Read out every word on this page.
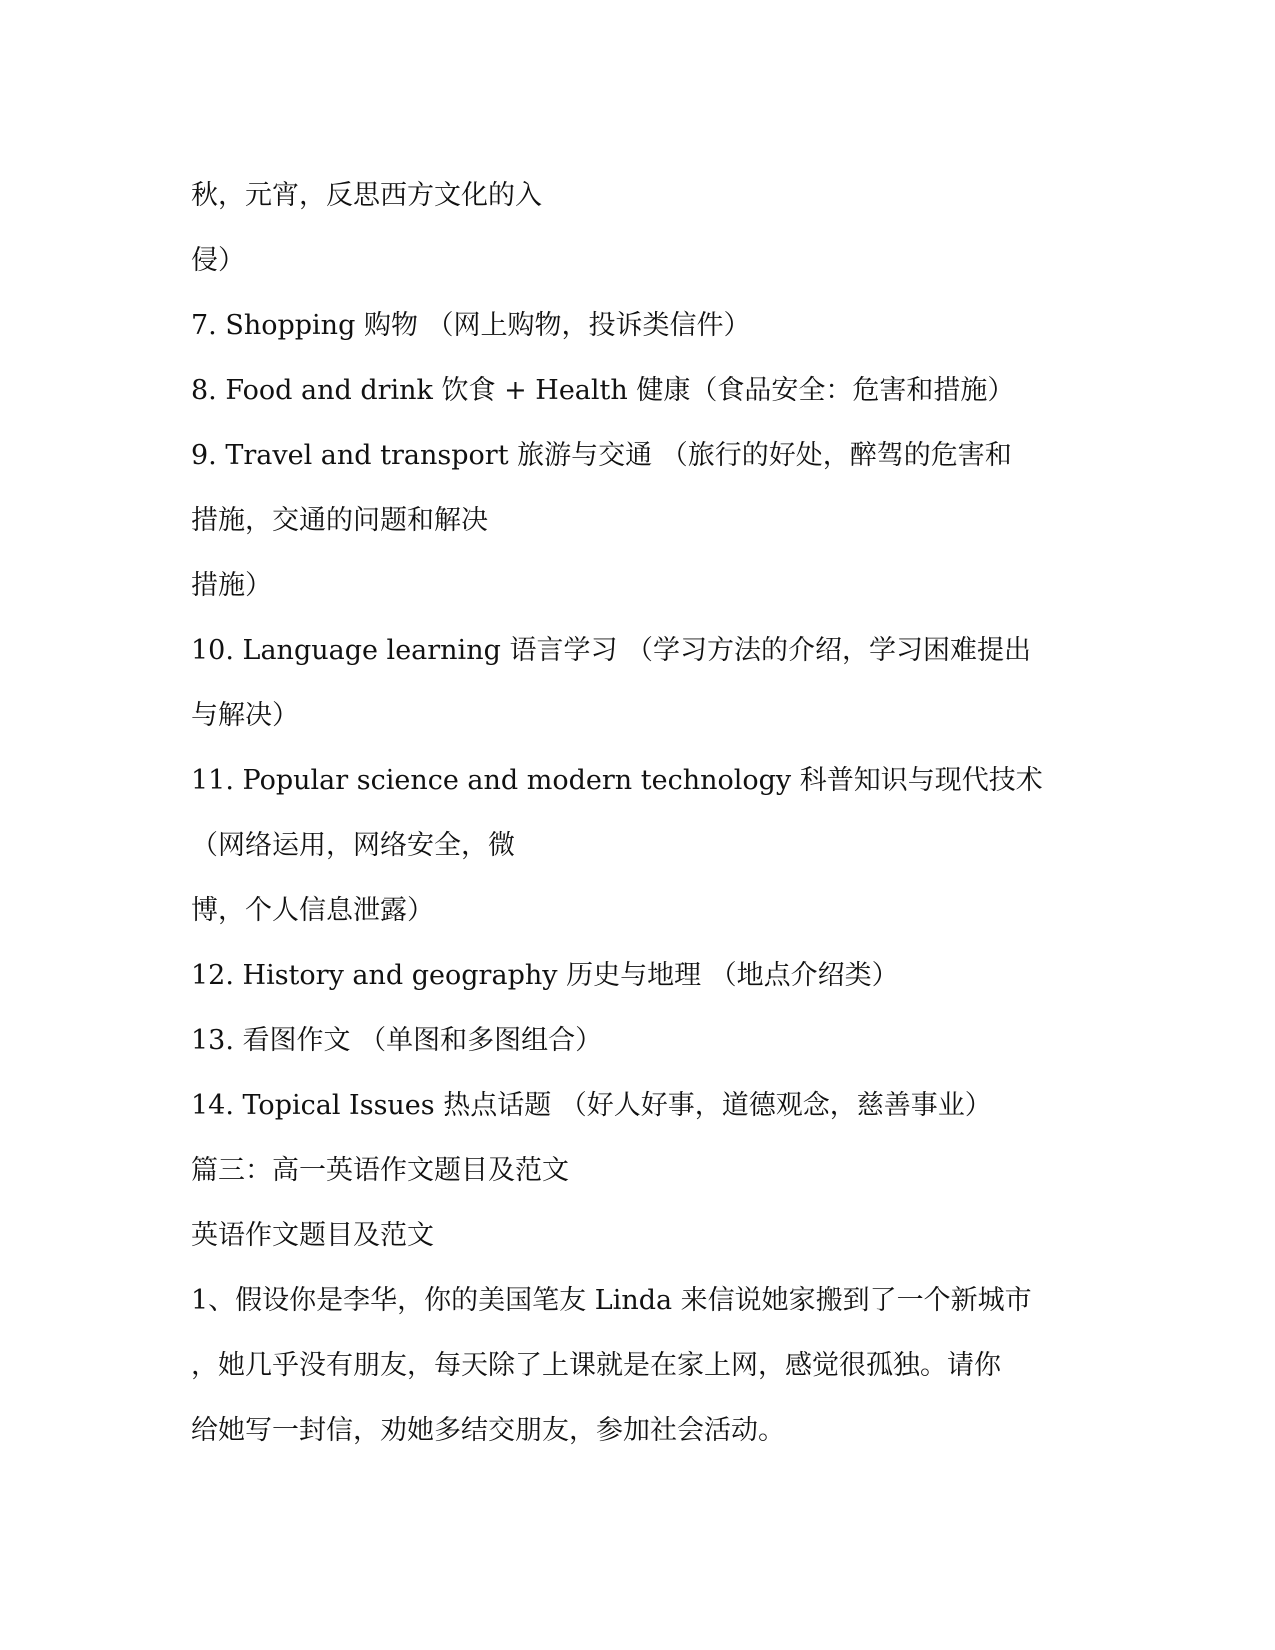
秋，元宵，反思西方文化的入

侵）

7. Shopping 购物 （网上购物，投诉类信件）

8. Food and drink 饮食 + Health 健康（食品安全：危害和措施）

9. Travel and transport 旅游与交通 （旅行的好处，醉驾的危害和

措施，交通的问题和解决

措施）

10. Language learning 语言学习 （学习方法的介绍，学习困难提出

与解决）

11. Popular science and modern technology 科普知识与现代技术

（网络运用，网络安全，微

博，个人信息泄露）

12. History and geography 历史与地理 （地点介绍类）

13. 看图作文 （单图和多图组合）

14. Topical Issues 热点话题 （好人好事，道德观念，慈善事业）

篇三：高一英语作文题目及范文

英语作文题目及范文

1、假设你是李华，你的美国笔友 Linda 来信说她家搬到了一个新城市

，她几乎没有朋友，每天除了上课就是在家上网，感觉很孤独。请你

给她写一封信，劝她多结交朋友，参加社会活动。
